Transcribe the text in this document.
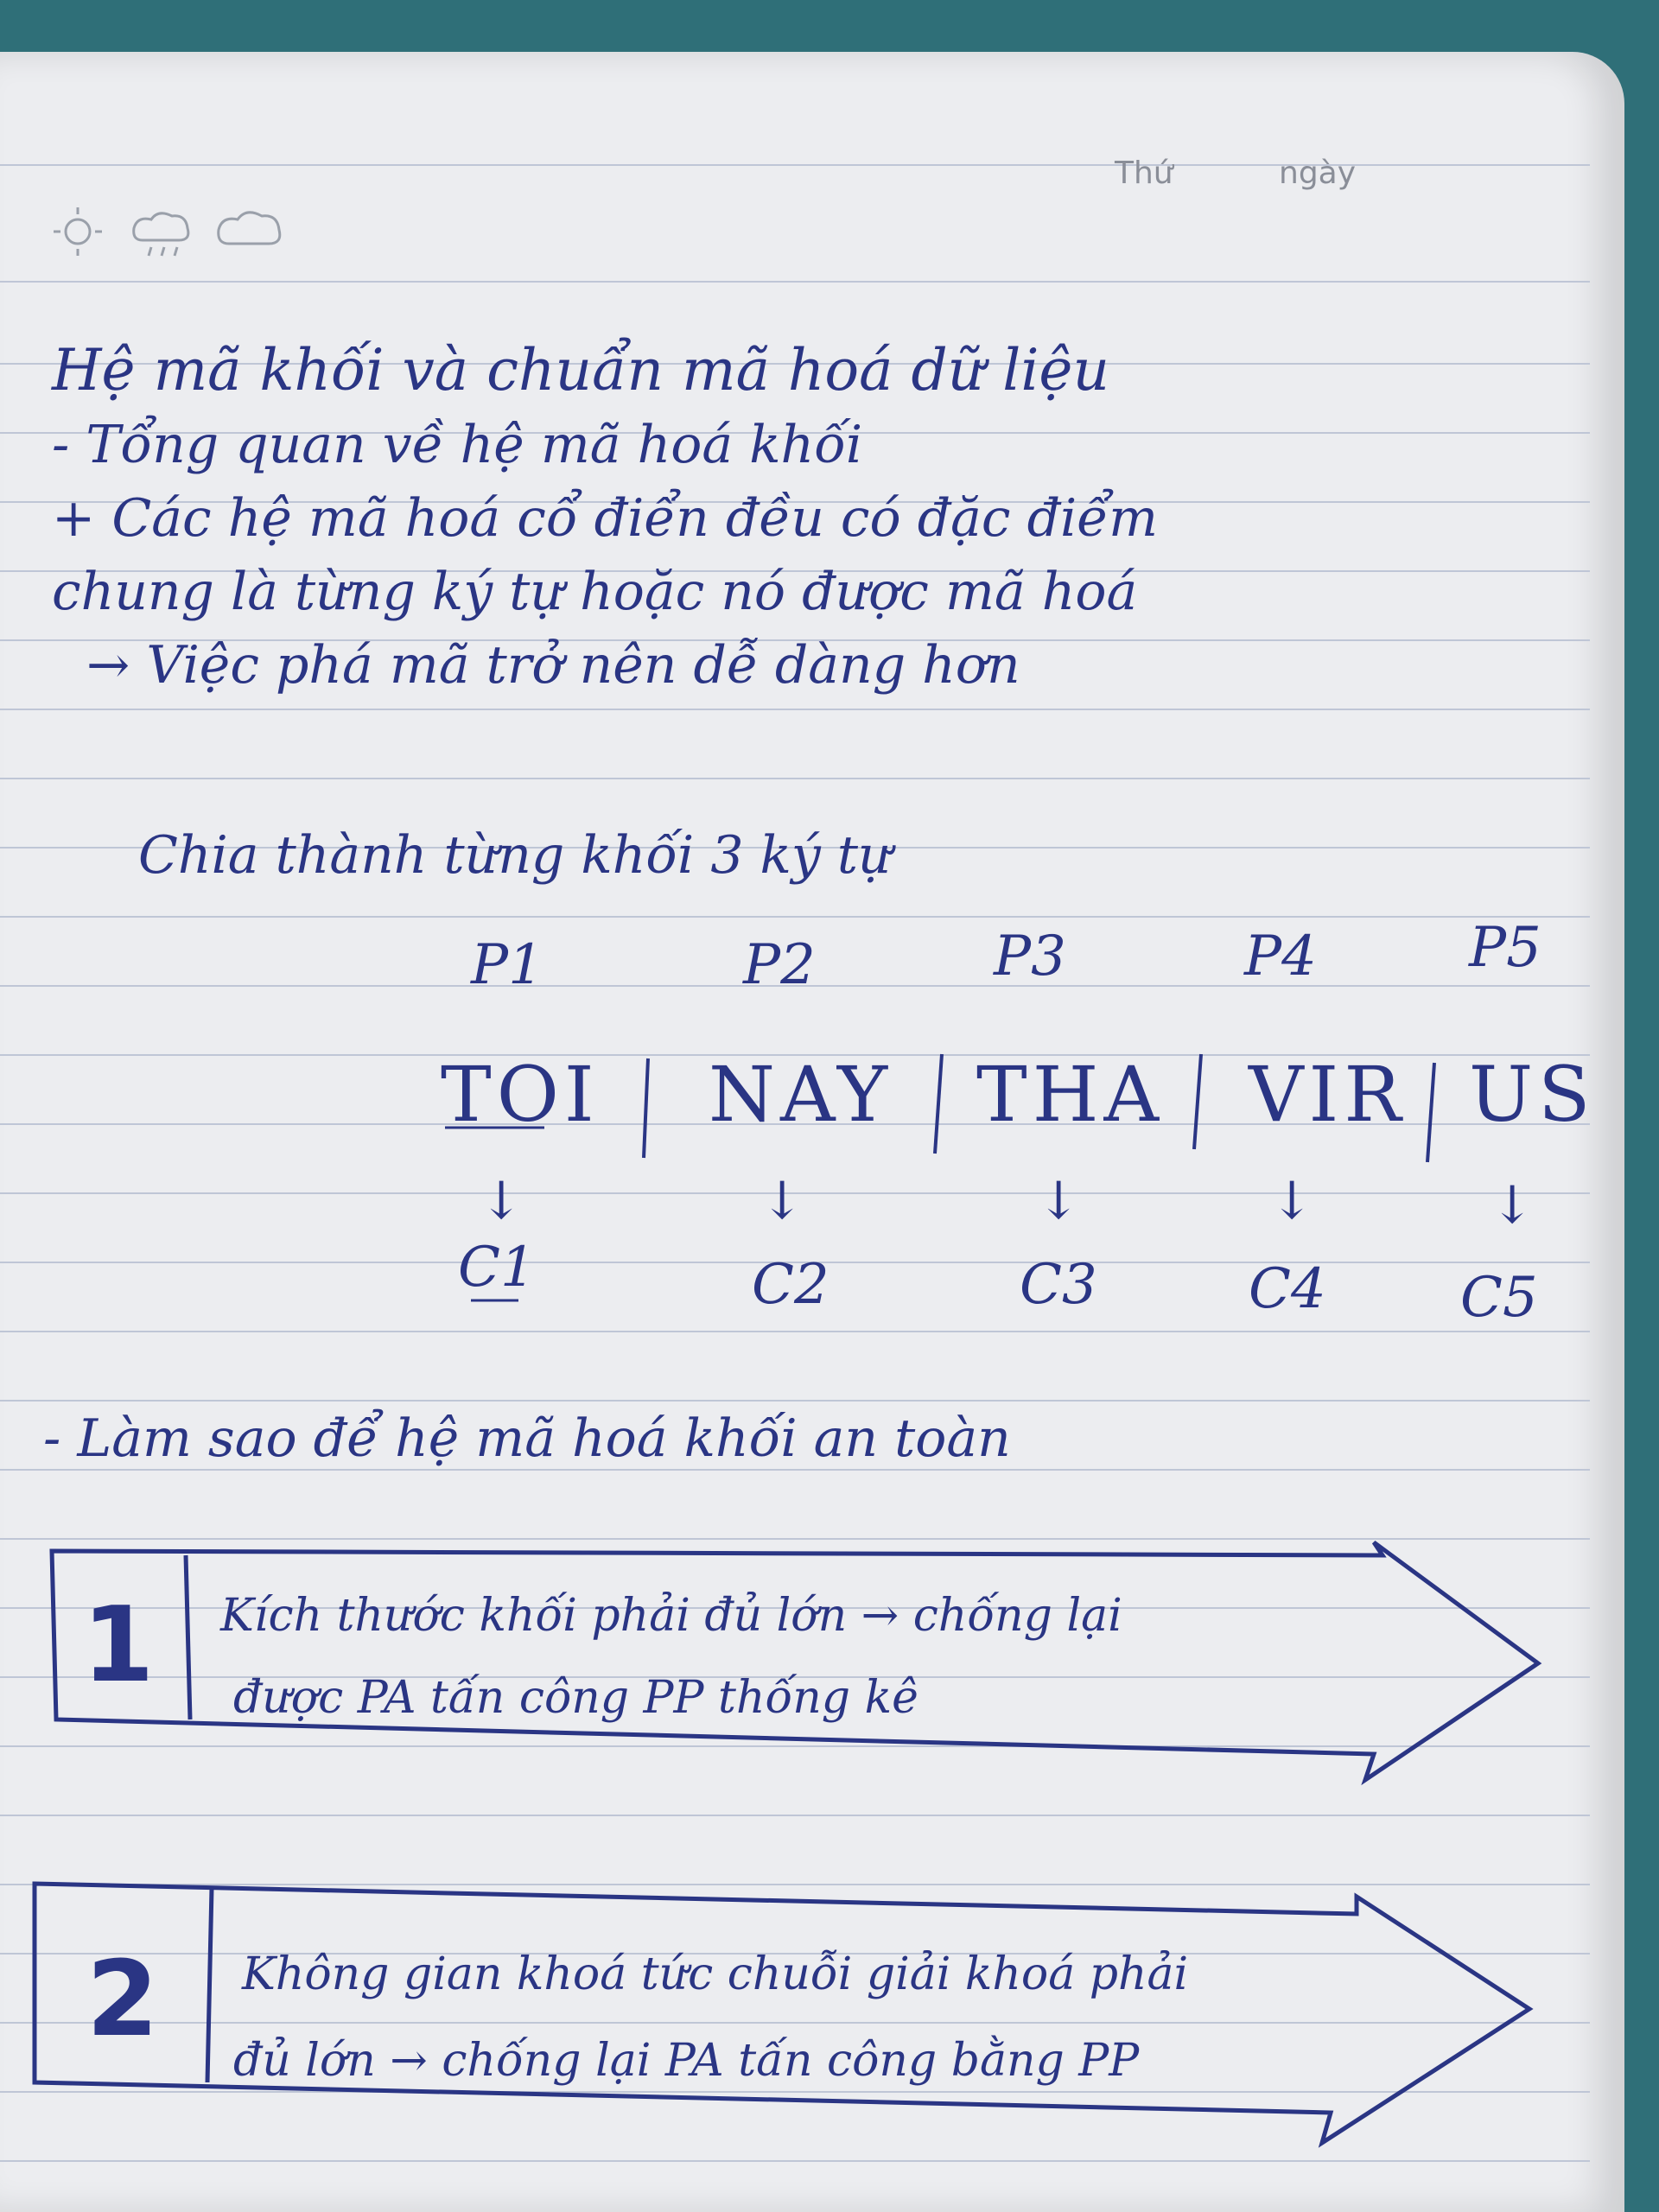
Thứ	ngày
Hệ mã khối và chuẩn mã hoá dữ liệu
- Tổng quan về hệ mã hoá khối
+ Các hệ mã hoá cổ điển đều có đặc điểm
chung là từng ký tự hoặc nó được mã hoá
→ Việc phá mã trở nên dễ dàng hơn
Chia thành từng khối 3 ký tự
P1	P2	P3	P4	P5
TOI NAY THA VIR US
↓	↓	↓	↓	↓
C1	C2	C3	C4 C5
- Làm sao để hệ mã hoá khối an toàn
1 Kích thước khối phải đủ lớn → chống lại
được PA tấn công PP thống kê
2 Không gian khoá tức chuỗi giải khoá phải
đủ lớn → chống lại PA tấn công bằng PP
